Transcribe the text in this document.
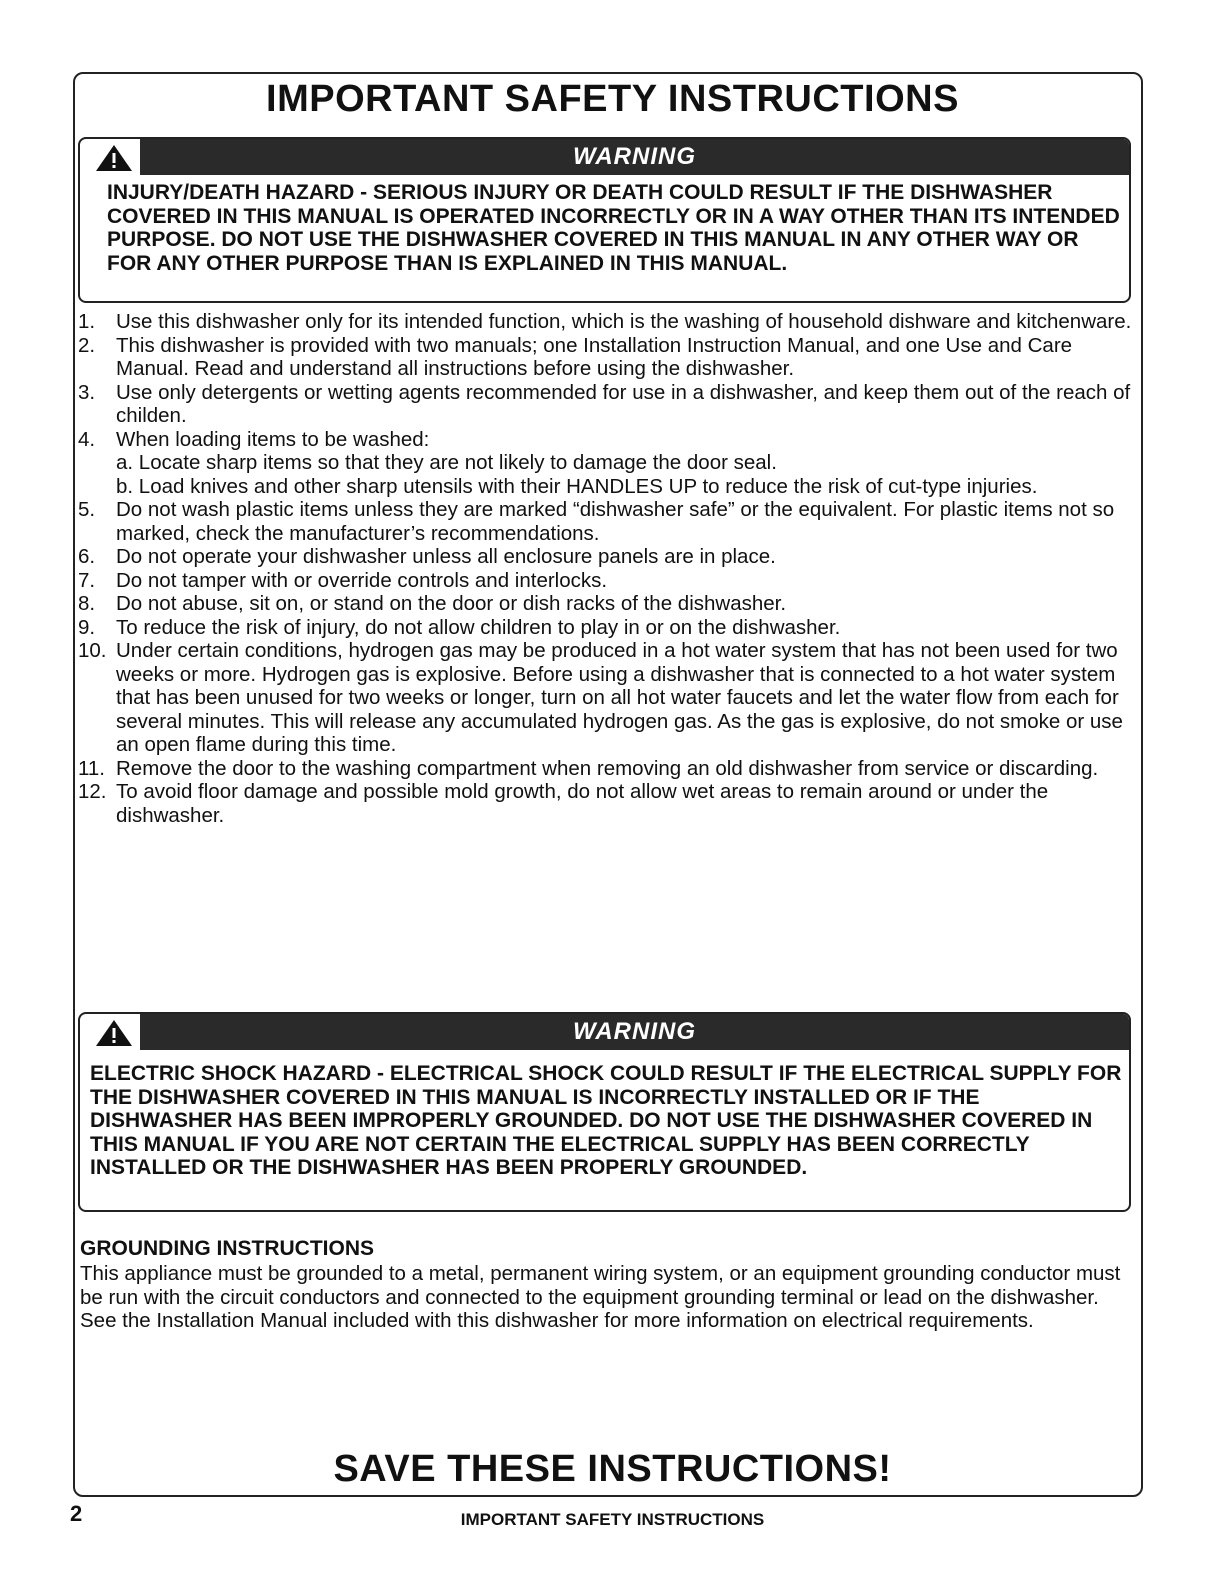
IMPORTANT SAFETY INSTRUCTIONS
WARNING

INJURY/DEATH HAZARD - SERIOUS INJURY OR DEATH COULD RESULT IF THE DISHWASHER COVERED IN THIS MANUAL IS OPERATED INCORRECTLY OR IN A WAY OTHER THAN ITS INTENDED PURPOSE. DO NOT USE THE DISHWASHER COVERED IN THIS MANUAL IN ANY OTHER WAY OR FOR ANY OTHER PURPOSE THAN IS EXPLAINED IN THIS MANUAL.

1. Use this dishwasher only for its intended function, which is the washing of household dishware and kitchenware.
2. This dishwasher is provided with two manuals; one Installation Instruction Manual, and one Use and Care Manual. Read and understand all instructions before using the dishwasher.
3. Use only detergents or wetting agents recommended for use in a dishwasher, and keep them out of the reach of childen.
4. When loading items to be washed:
a. Locate sharp items so that they are not likely to damage the door seal.
b. Load knives and other sharp utensils with their HANDLES UP to reduce the risk of cut-type injuries.
5. Do not wash plastic items unless they are marked “dishwasher safe” or the equivalent. For plastic items not so marked, check the manufacturer’s recommendations.
6. Do not operate your dishwasher unless all enclosure panels are in place.
7. Do not tamper with or override controls and interlocks.
8. Do not abuse, sit on, or stand on the door or dish racks of the dishwasher.
9. To reduce the risk of injury, do not allow children to play in or on the dishwasher.
10. Under certain conditions, hydrogen gas may be produced in a hot water system that has not been used for two weeks or more. Hydrogen gas is explosive. Before using a dishwasher that is connected to a hot water system that has been unused for two weeks or longer, turn on all hot water faucets and let the water flow from each for several minutes. This will release any accumulated hydrogen gas. As the gas is explosive, do not smoke or use an open flame during this time.
11. Remove the door to the washing compartment when removing an old dishwasher from service or discarding.
12. To avoid floor damage and possible mold growth, do not allow wet areas to remain around or under the dishwasher.
WARNING

ELECTRIC SHOCK HAZARD - ELECTRICAL SHOCK COULD RESULT IF THE ELECTRICAL SUPPLY FOR THE DISHWASHER COVERED IN THIS MANUAL IS INCORRECTLY INSTALLED OR IF THE DISHWASHER HAS BEEN IMPROPERLY GROUNDED. DO NOT USE THE DISHWASHER COVERED IN THIS MANUAL IF YOU ARE NOT CERTAIN THE ELECTRICAL SUPPLY HAS BEEN CORRECTLY INSTALLED OR THE DISHWASHER HAS BEEN PROPERLY GROUNDED.

GROUNDING INSTRUCTIONS

This appliance must be grounded to a metal, permanent wiring system, or an equipment grounding conductor must be run with the circuit conductors and connected to the equipment grounding terminal or lead on the dishwasher. See the Installation Manual included with this dishwasher for more information on electrical requirements.

SAVE THESE INSTRUCTIONS!
2	IMPORTANT SAFETY INSTRUCTIONS
